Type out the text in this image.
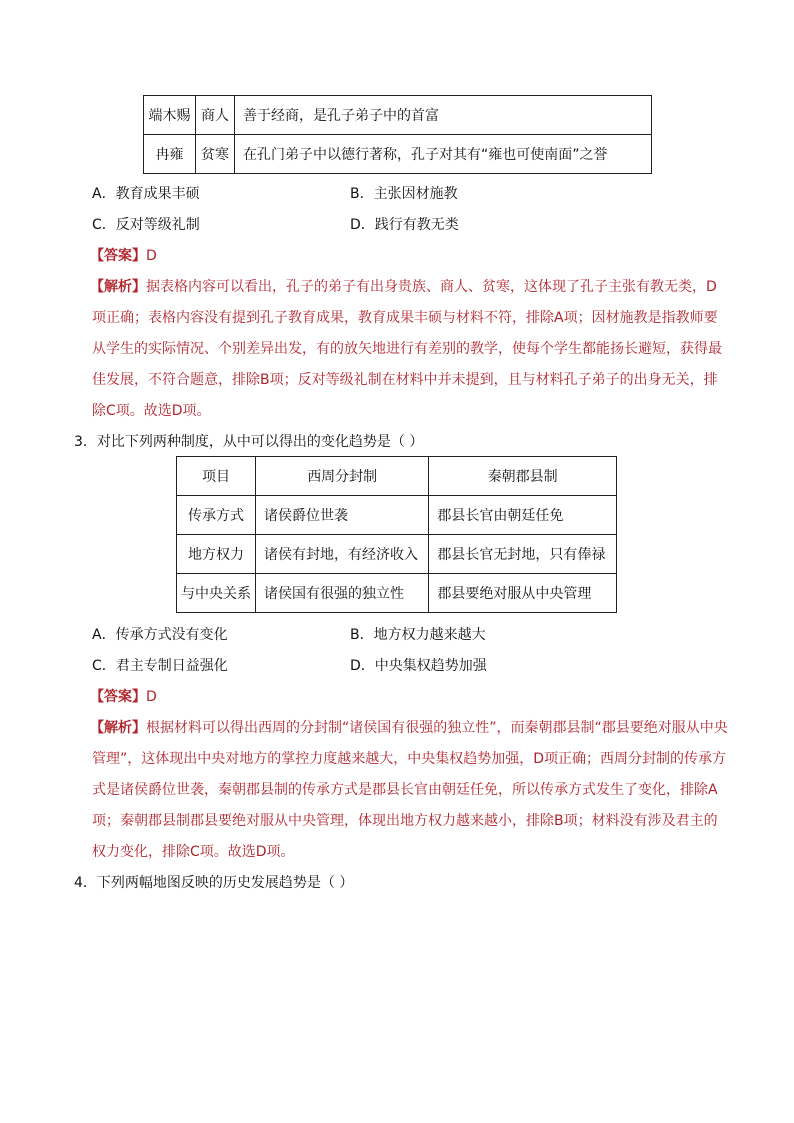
端木赐	商人	善于经商，是孔子弟子中的首富
冉雍	贫寒	在孔门弟子中以德行著称，孔子对其有“雍也可使南面”之誉
A．教育成果丰硕	B．主张因材施教
C．反对等级礼制	D．践行有教无类
【答案】D
【解析】据表格内容可以看出，孔子的弟子有出身贵族、商人、贫寒，这体现了孔子主张有教无类，D
项正确；表格内容没有提到孔子教育成果，教育成果丰硕与材料不符，排除A项；因材施教是指教师要
从学生的实际情况、个别差异出发，有的放矢地进行有差别的教学，使每个学生都能扬长避短，获得最
佳发展，不符合题意，排除B项；反对等级礼制在材料中并未提到，且与材料孔子弟子的出身无关，排
除C项。故选D项。
3．对比下列两种制度，从中可以得出的变化趋势是（ ）
项目	西周分封制	秦朝郡县制
传承方式	诸侯爵位世袭	郡县长官由朝廷任免
地方权力	诸侯有封地，有经济收入	郡县长官无封地，只有俸禄
与中央关系	诸侯国有很强的独立性	郡县要绝对服从中央管理
A．传承方式没有变化	B．地方权力越来越大
C．君主专制日益强化	D．中央集权趋势加强
【答案】D
【解析】根据材料可以得出西周的分封制“诸侯国有很强的独立性”，而秦朝郡县制“郡县要绝对服从中央
管理”，这体现出中央对地方的掌控力度越来越大，中央集权趋势加强，D项正确；西周分封制的传承方
式是诸侯爵位世袭，秦朝郡县制的传承方式是郡县长官由朝廷任免，所以传承方式发生了变化，排除A
项；秦朝郡县制郡县要绝对服从中央管理，体现出地方权力越来越小，排除B项；材料没有涉及君主的
权力变化，排除C项。故选D项。
4．下列两幅地图反映的历史发展趋势是（ ）
